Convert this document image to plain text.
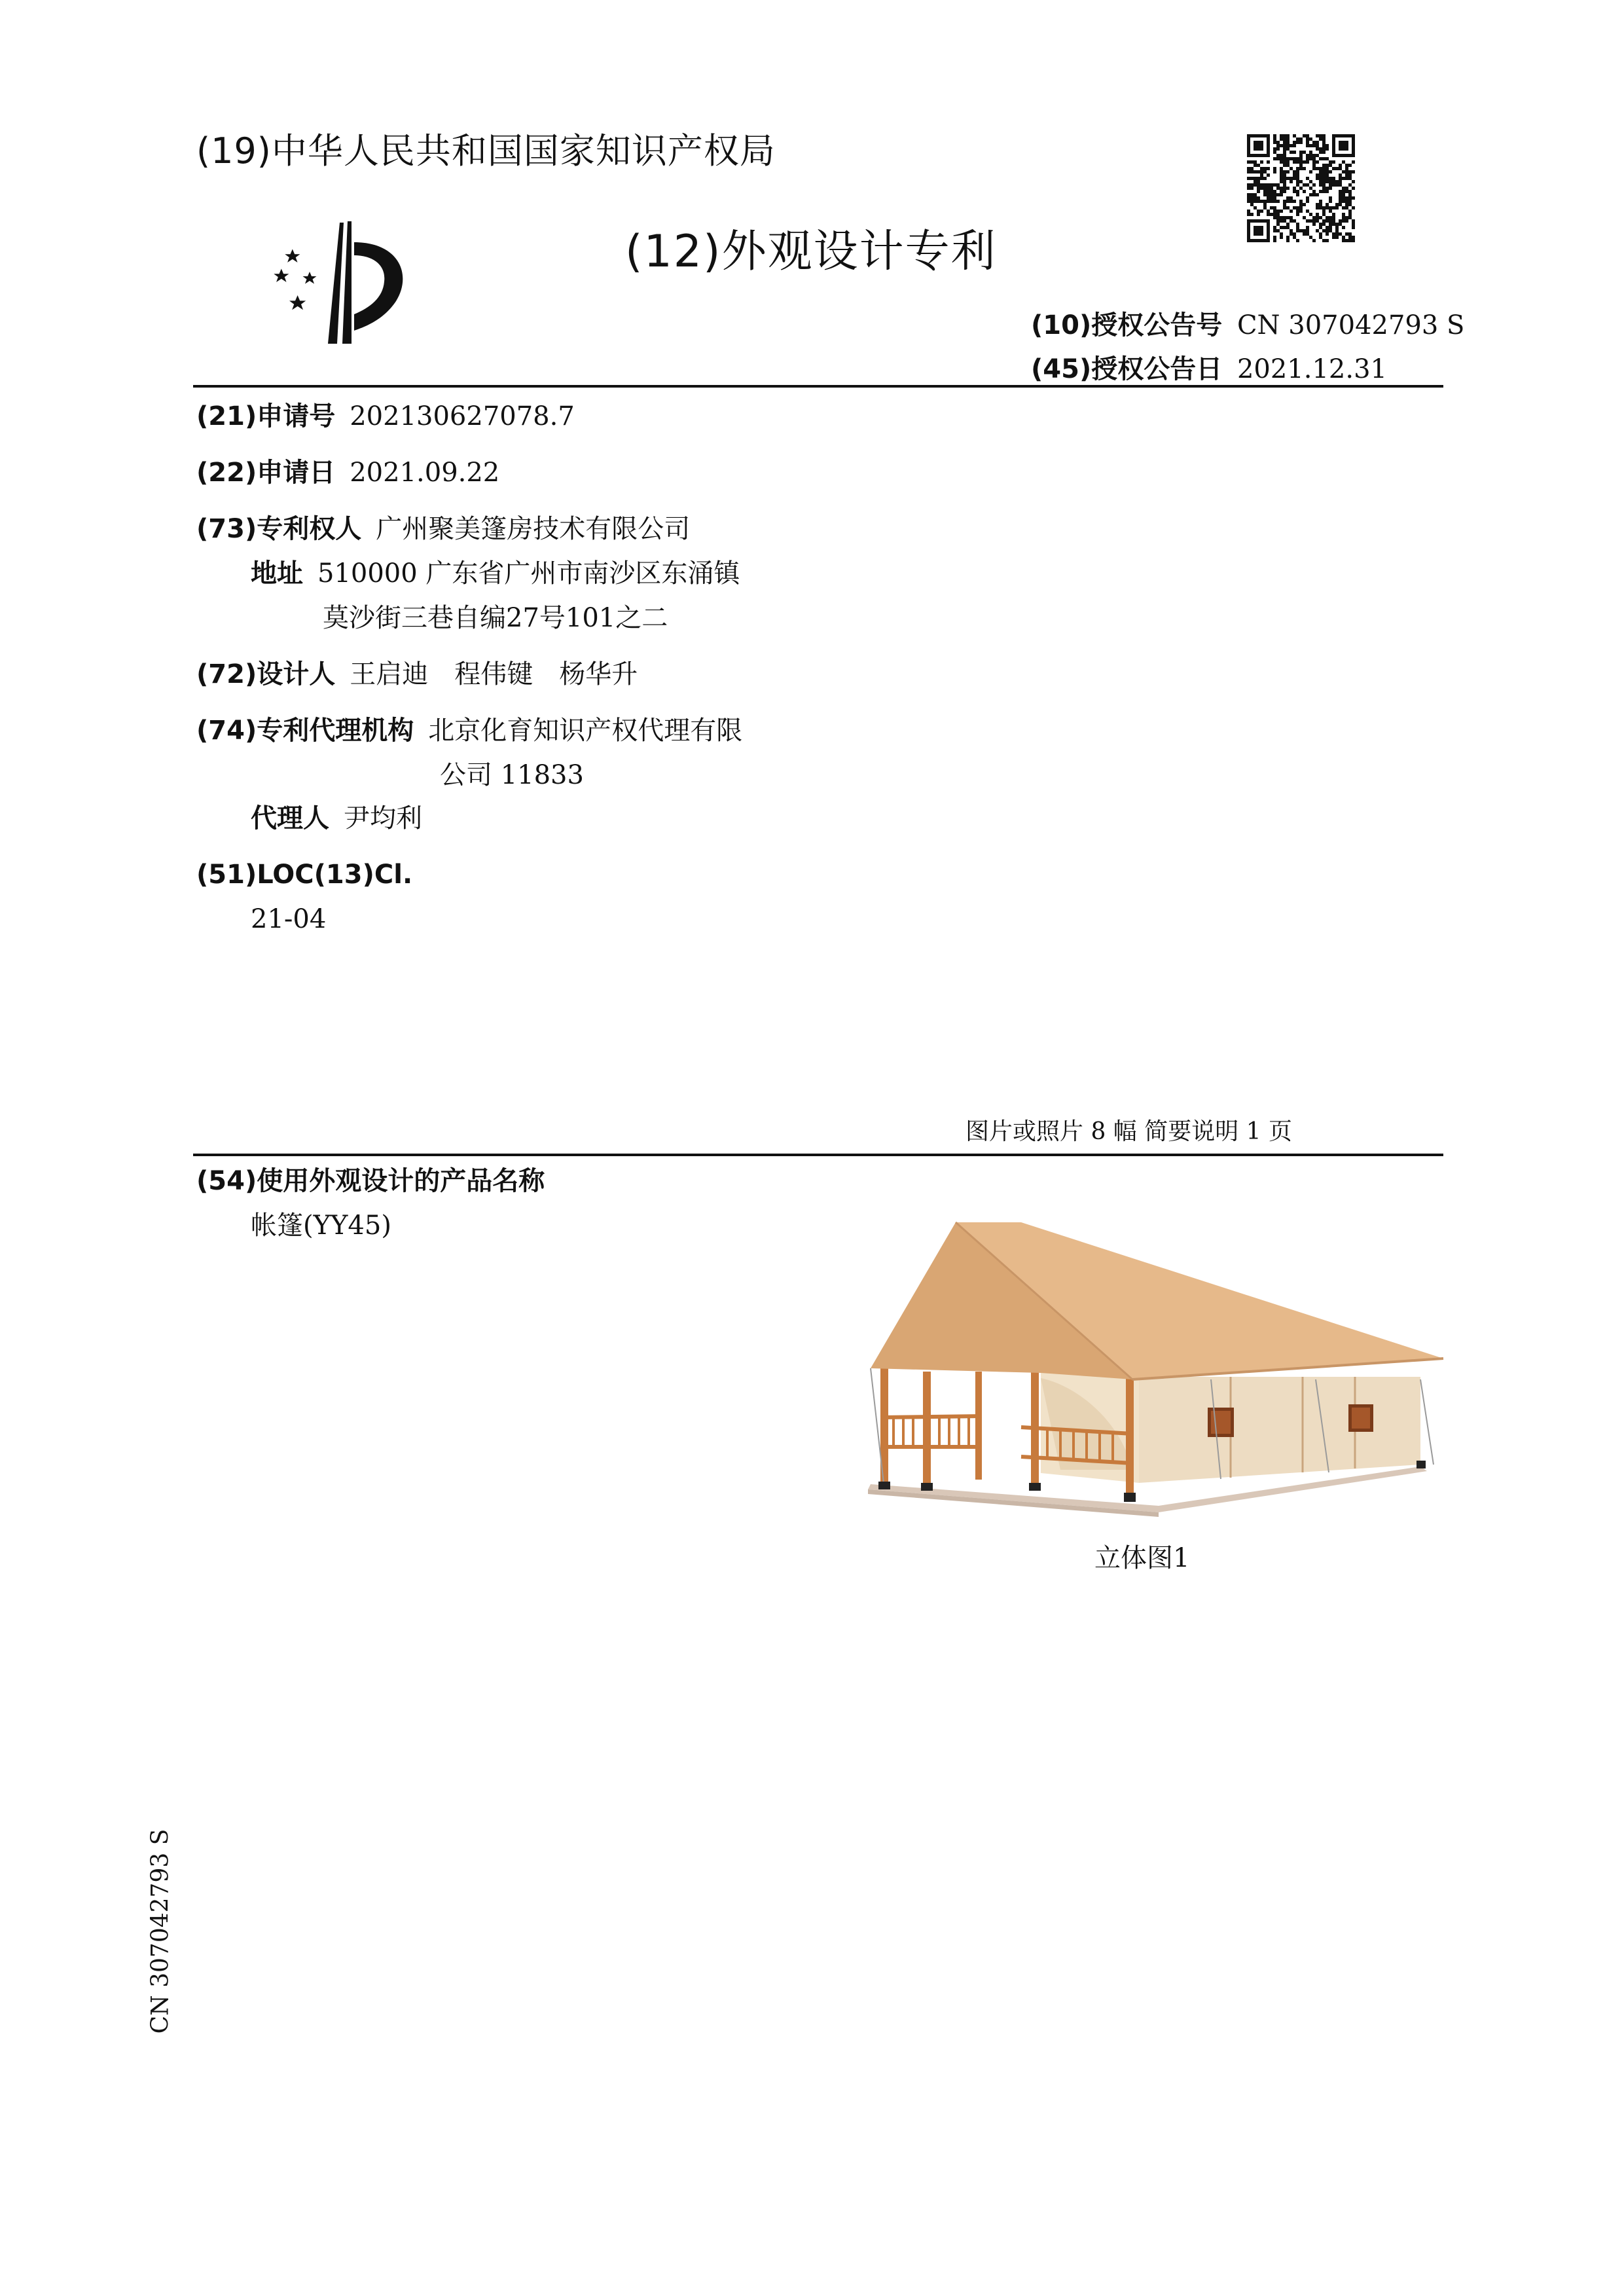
(19)中华人民共和国国家知识产权局
(12)外观设计专利
(10)授权公告号 CN 307042793 S
(45)授权公告日 2021.12.31
(21)申请号 202130627078.7
(22)申请日 2021.09.22
(73)专利权人 广州聚美篷房技术有限公司
地址 510000 广东省广州市南沙区东涌镇
莫沙街三巷自编27号101之二
(72)设计人 王启迪　程伟键　杨华升
(74)专利代理机构 北京化育知识产权代理有限
公司 11833
代理人 尹均利
(51)LOC(13)Cl.
21-04
图片或照片 8 幅 简要说明 1 页
(54)使用外观设计的产品名称
帐篷(YY45)
立体图1
CN 307042793 S
